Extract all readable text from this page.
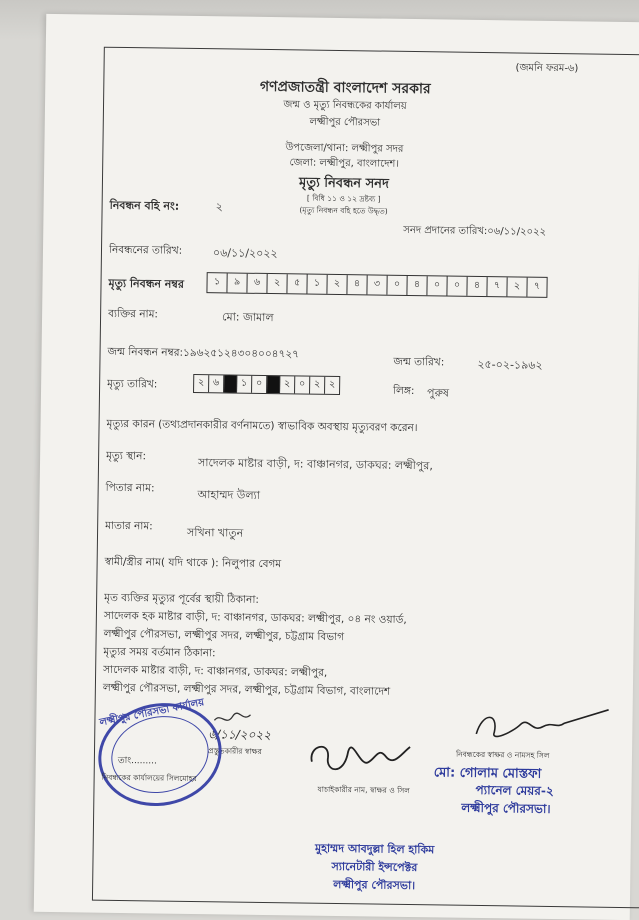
(জমনি ফরম-৬)
গণপ্রজাতন্ত্রী বাংলাদেশ সরকার
জন্ম ও মৃত্যু নিবন্ধকের কার্যালয়
লক্ষ্মীপুর পৌরসভা
উপজেলা/থানা: লক্ষ্মীপুর সদর
জেলা: লক্ষ্মীপুর, বাংলাদেশ।
মৃত্যু নিবন্ধন সনদ
[ বিধি ১১ ও ১২ দ্রষ্টব্য ]
(মৃত্যু নিবন্ধন বহি হতে উদ্ধৃত)
নিবন্ধন বহি নং:	২
সনদ প্রদানের তারিখ:০৬/১১/২০২২
নিবন্ধনের তারিখ:	০৬/১১/২০২২
মৃত্যু নিবন্ধন নম্বর	১	৯	৬	২	৫	১	২	৪	৩	০	৪	০	০	৪	৭	২	৭
ব্যক্তির নাম:	মো: জামাল
জন্ম নিবন্ধন নম্বর:১৯৬২৫১২৪৩০৪০০৪৭২৭
জন্ম তারিখ:	২৫-০২-১৯৬২
মৃত্যু তারিখ:	২ ৬	১ ০	২ ০ ২ ২
লিঙ্গ: পুরুষ
মৃত্যুর কারন (তথ্যপ্রদানকারীর বর্ণনামতে) স্বাভাবিক অবস্থায় মৃত্যুবরণ করেন।
মৃত্যু স্থান:
সাদেলক মাষ্টার বাড়ী, দ: বাঞ্চানগর, ডাকঘর: লক্ষ্মীপুর,
পিতার নাম:	আহাম্মদ উল্যা
মাতার নাম:	সখিনা খাতুন
স্বামী/স্ত্রীর নাম( যদি থাকে ): নিলুপার বেগম
মৃত ব্যক্তির মৃত্যুর পূর্বের স্থায়ী ঠিকানা:
সাদেলক হক মাষ্টার বাড়ী, দ: বাঞ্চানগর, ডাকঘর: লক্ষ্মীপুর, ০৪ নং ওয়ার্ড,
লক্ষ্মীপুর পৌরসভা, লক্ষ্মীপুর সদর, লক্ষ্মীপুর, চট্টগ্রাম বিভাগ
মৃত্যুর সময় বর্তমান ঠিকানা:
সাদেলক মাষ্টার বাড়ী, দ: বাঞ্চানগর, ডাকঘর: লক্ষ্মীপুর,
লক্ষ্মীপুর পৌরসভা, লক্ষ্মীপুর সদর, লক্ষ্মীপুর, চট্টগ্রাম বিভাগ, বাংলাদেশ
৬/১১/২০২২
প্রস্তুতকারীর স্বাক্ষর
যাচাইকারীর নাম, স্বাক্ষর ও সিল
নিবন্ধকের স্বাক্ষর ও নামসহ সিল
লক্ষ্মীপুর পৌরসভা কার্যালয়
তাং.........
নিবন্ধকের কার্যালয়ের সিলমোহর	মো: গোলাম মোস্তফা
প্যানেল মেয়র-২
লক্ষ্মীপুর পৌরসভা।
মুহাম্মদ আবদুল্লা হিল হাকিম
স্যানেটারী ইন্সপেক্টর
লক্ষ্মীপুর পৌরসভা।
